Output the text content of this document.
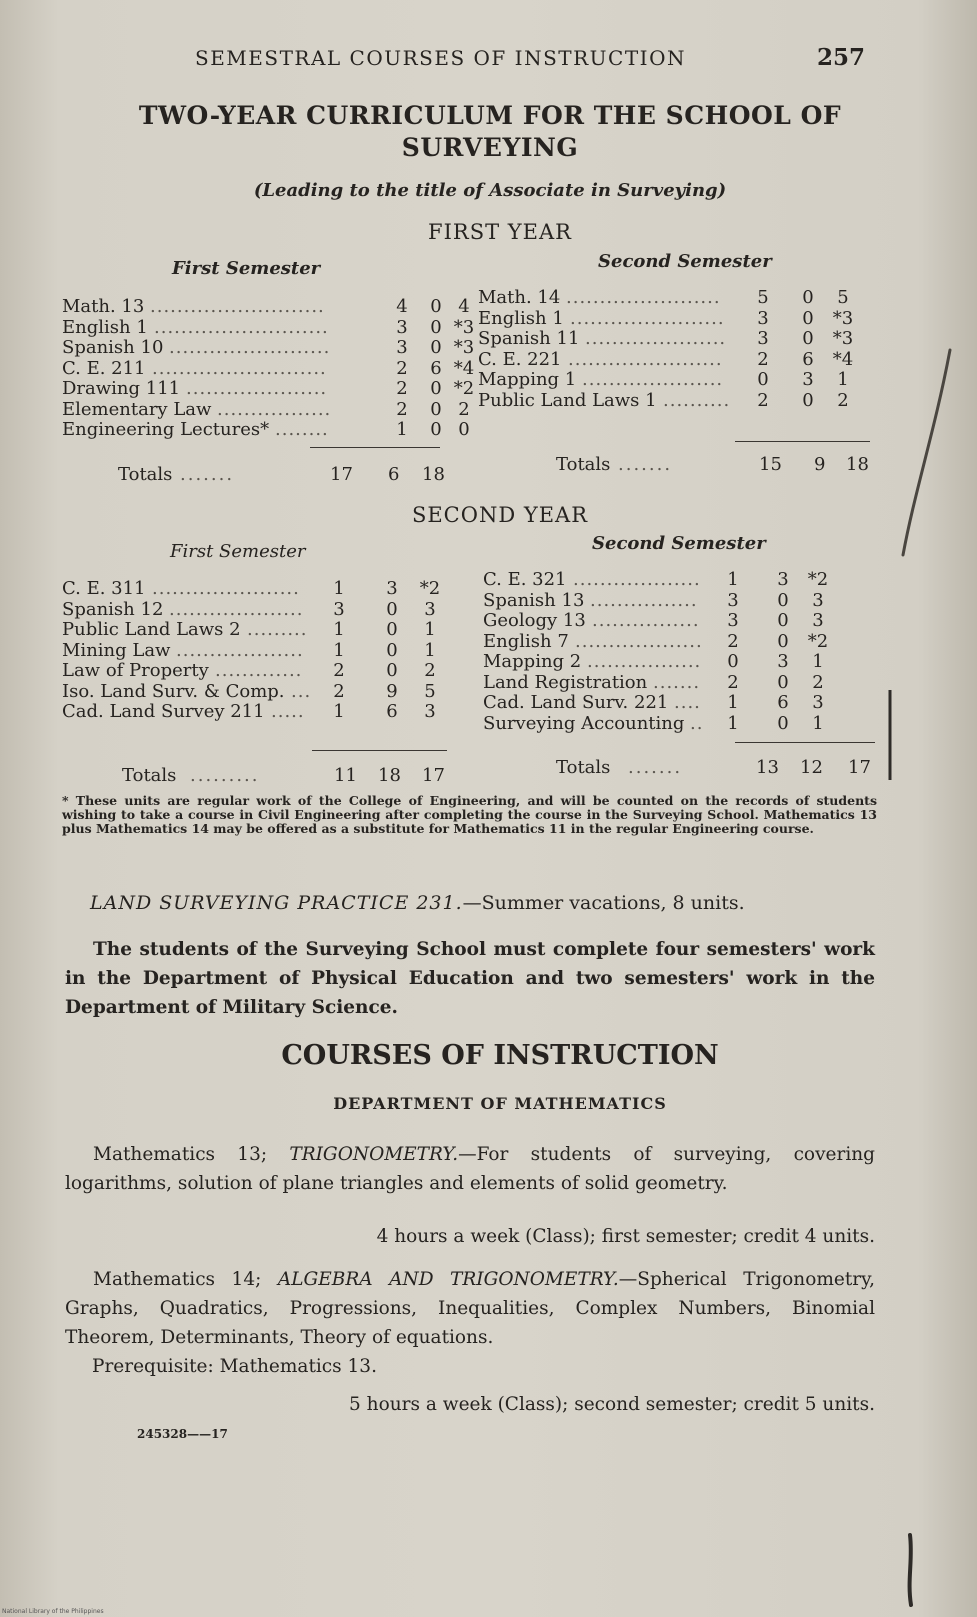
SEMESTRAL COURSES OF INSTRUCTION	257
TWO-YEAR CURRICULUM FOR THE SCHOOL OF
SURVEYING
(Leading to the title of Associate in Surveying)
FIRST YEAR
First Semester	Second Semester
Math. 13 ..........................	4	0 4
English 1 ..........................	3	0 *3
Spanish 10 ........................	3	0 *3
C. E. 211 ..........................	2	6 *4
Drawing 111 .....................	2	0 *2
Elementary Law .................	2	0 2
Engineering Lectures* ........	1	0 0
Math. 14 .......................	5	0	5
English 1 .......................	3	0	*3
Spanish 11 .....................	3	0	*3
C. E. 221 .......................	2	6	*4
Mapping 1 .....................	0	3	1
Public Land Laws 1 ..........	2	0	2
Totals .......	17 6 18	Totals .......	15 9 18
SECOND YEAR
First Semester	Second Semester
C. E. 311 ......................	1	3	*2
Spanish 12 ....................	3	0	3
Public Land Laws 2 .........	1	0	1
Mining Law ...................	1	0	1
Law of Property .............	2	0	2
Iso. Land Surv. & Comp. ...	2	9	5
Cad. Land Survey 211 .....	1	6	3
C. E. 321 ...................	1	3	*2
Spanish 13 ................	3	0	3
Geology 13 ................	3	0	3
English 7 ...................	2	0	*2
Mapping 2 .................	0	3	1
Land Registration .......	2	0	2
Cad. Land Surv. 221 ....	1	6	3
Surveying Accounting ..	1	0	1
Totals .........	11 18 17	Totals .......	13 12 17
* These units are regular work of the College of Engineering, and will be counted on the records of students wishing to take a course in Civil Engineering after completing the course in the Surveying School. Mathematics 13 plus Mathematics 14 may be offered as a substitute for Mathematics 11 in the regular Engineering course.
LAND SURVEYING PRACTICE 231.—Summer vacations, 8 units.
The students of the Surveying School must complete four semesters' work in the Department of Physical Education and two semesters' work in the Department of Military Science.
COURSES OF INSTRUCTION
DEPARTMENT OF MATHEMATICS
Mathematics 13; TRIGONOMETRY.—For students of surveying, covering logarithms, solution of plane triangles and elements of solid geometry.
4 hours a week (Class); first semester; credit 4 units.
Mathematics 14; ALGEBRA AND TRIGONOMETRY.—Spherical Trigonometry, Graphs, Quadratics, Progressions, Inequalities, Complex Numbers, Binomial Theorem, Determinants, Theory of equations.
Prerequisite: Mathematics 13.
5 hours a week (Class); second semester; credit 5 units.
245328——17
National Library of the Philippines
